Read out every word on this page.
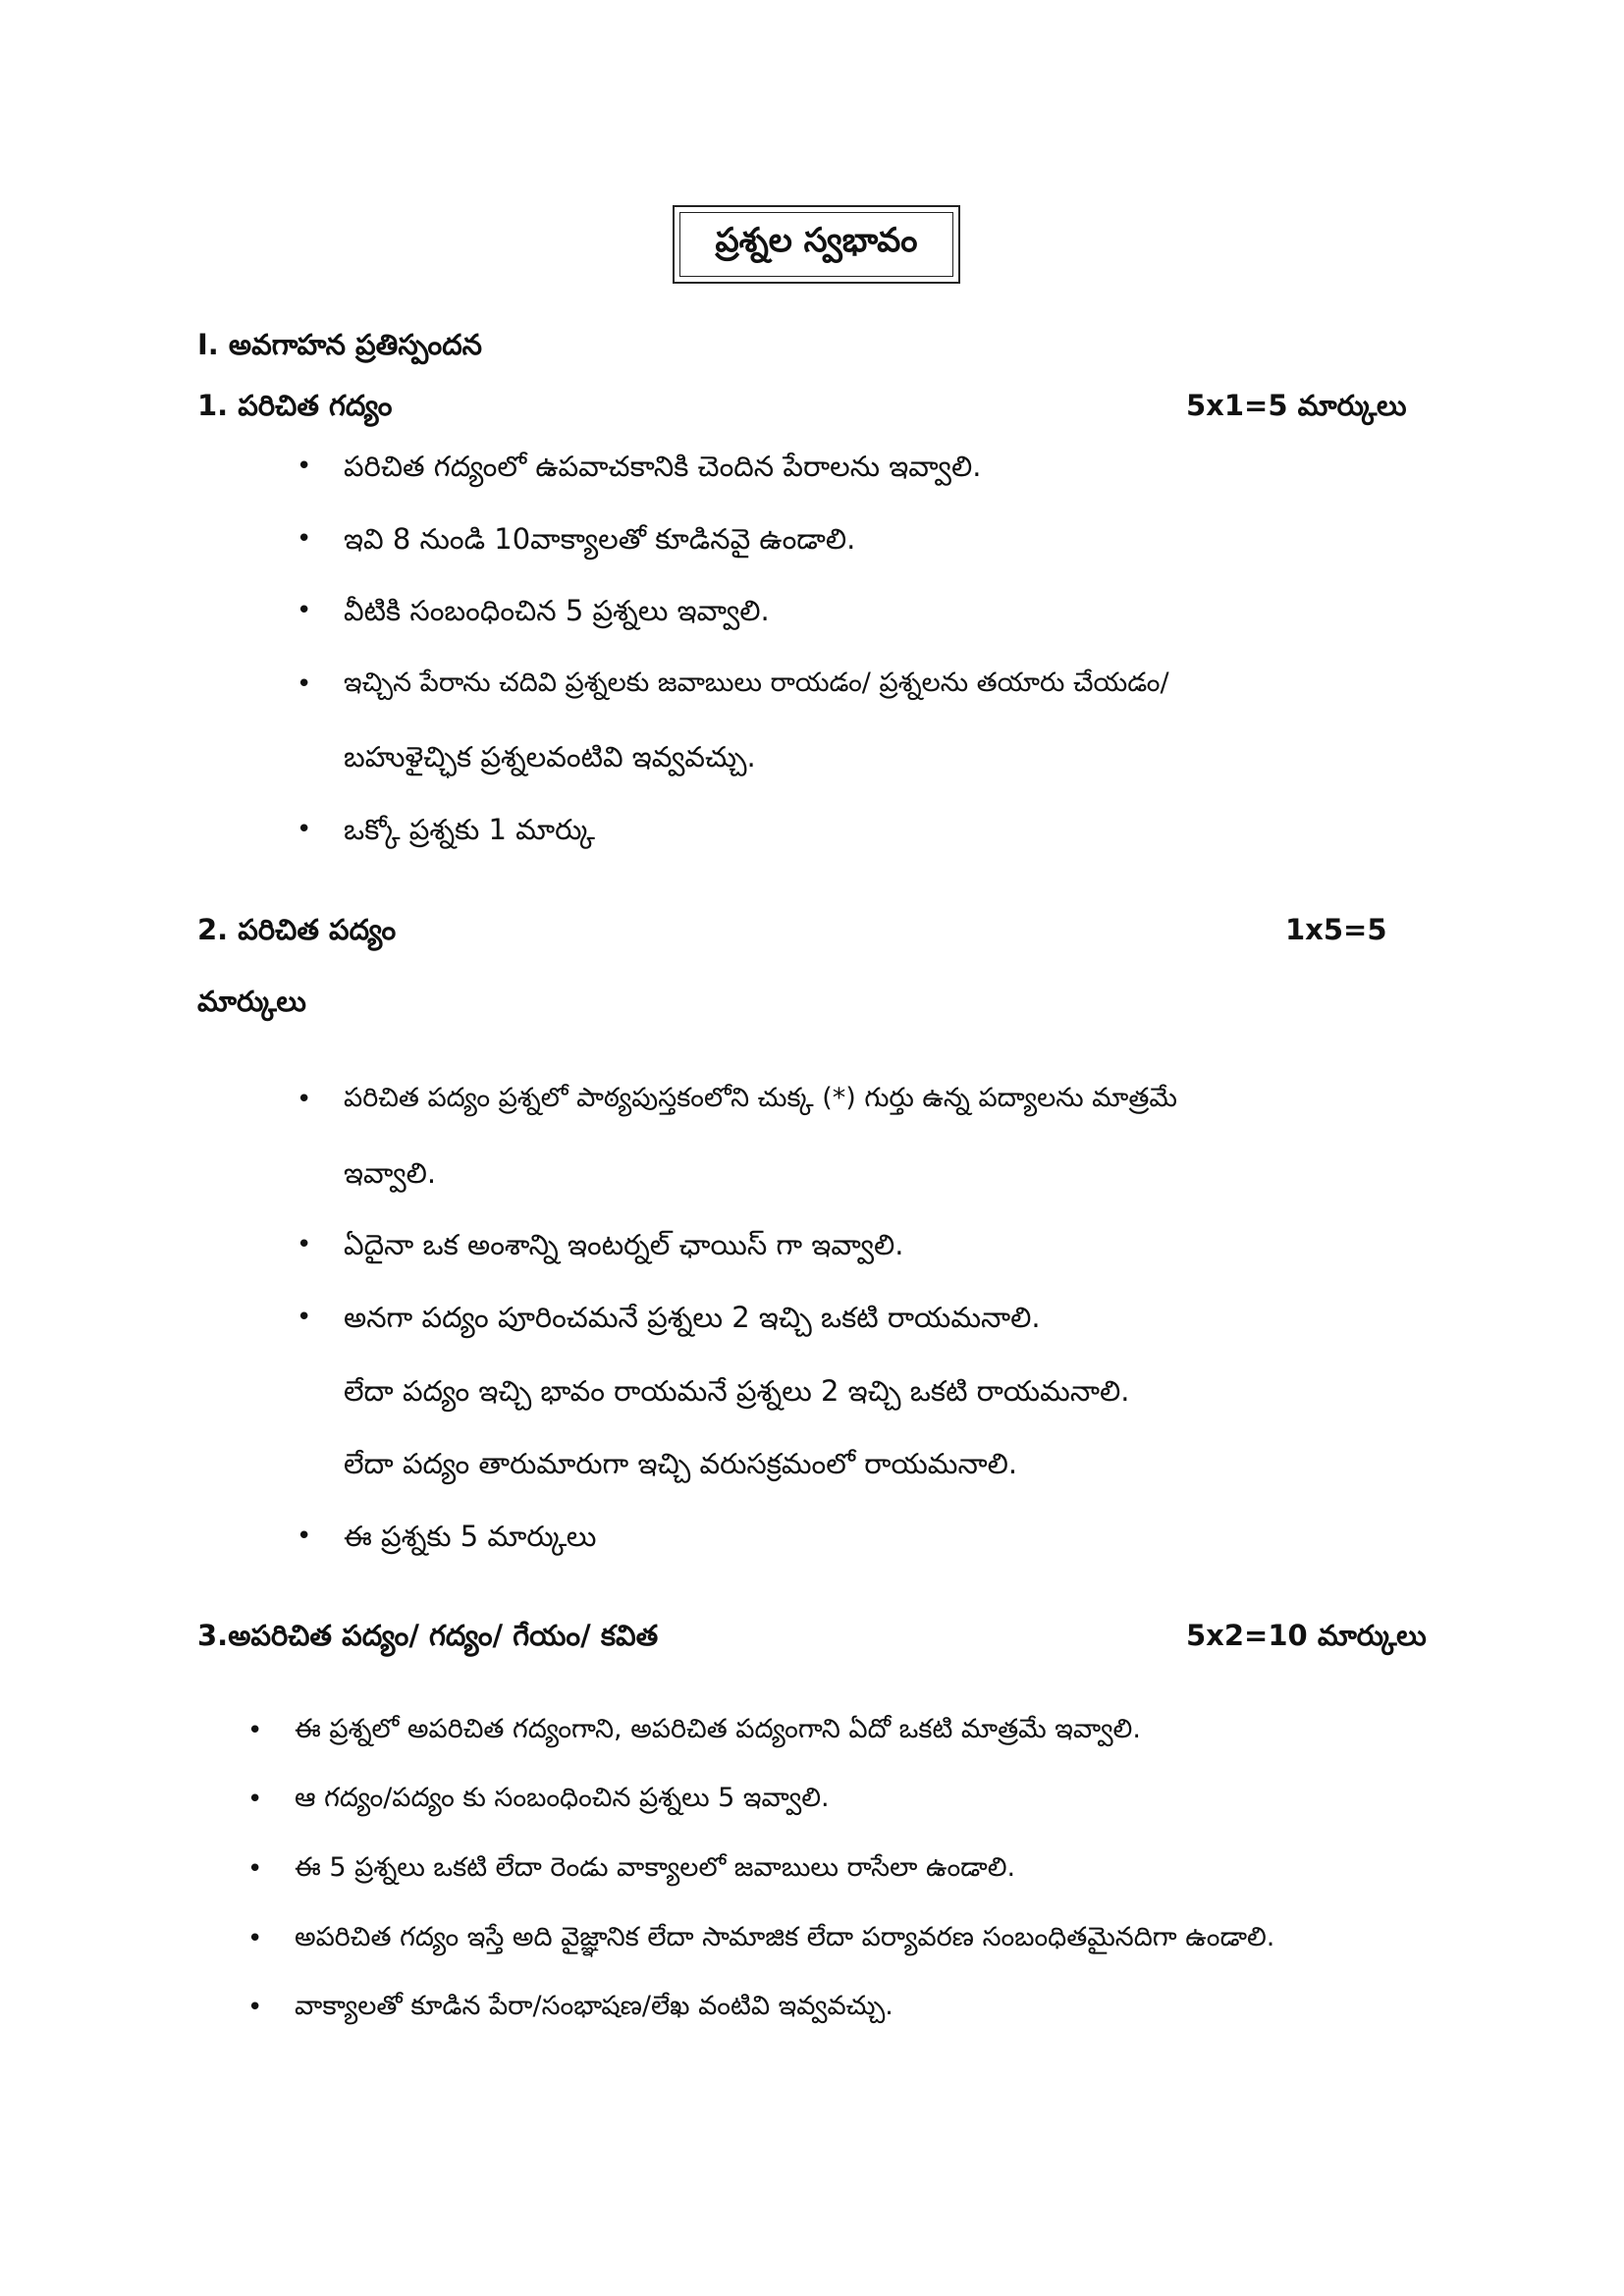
ప్రశ్నల స్వభావం
I. అవగాహన ప్రతిస్పందన
1. పరిచిత గద్యం	5x1=5 మార్కులు
• పరిచిత గద్యంలో ఉపవాచకానికి చెందిన పేరాలను ఇవ్వాలి.
• ఇవి 8 నుండి 10వాక్యాలతో కూడినవై ఉండాలి.
• వీటికి సంబంధించిన 5 ప్రశ్నలు ఇవ్వాలి.
• ఇచ్చిన పేరాను చదివి ప్రశ్నలకు జవాబులు రాయడం/ ప్రశ్నలను తయారు చేయడం/
బహుళైచ్ఛిక ప్రశ్నలవంటివి ఇవ్వవచ్చు.
• ఒక్కో ప్రశ్నకు 1 మార్కు
2. పరిచిత పద్యం	1x5=5
మార్కులు
• పరిచిత పద్యం ప్రశ్నలో పాఠ్యపుస్తకంలోని చుక్క (*) గుర్తు ఉన్న పద్యాలను మాత్రమే
ఇవ్వాలి.
• ఏదైనా ఒక అంశాన్ని ఇంటర్నల్ ఛాయిస్ గా ఇవ్వాలి.
• అనగా పద్యం పూరించమనే ప్రశ్నలు 2 ఇచ్చి ఒకటి రాయమనాలి.
లేదా పద్యం ఇచ్చి భావం రాయమనే ప్రశ్నలు 2 ఇచ్చి ఒకటి రాయమనాలి.
లేదా పద్యం తారుమారుగా ఇచ్చి వరుసక్రమంలో రాయమనాలి.
• ఈ ప్రశ్నకు 5 మార్కులు
3.అపరిచిత పద్యం/ గద్యం/ గేయం/ కవిత	5x2=10 మార్కులు
• ఈ ప్రశ్నలో అపరిచిత గద్యంగాని, అపరిచిత పద్యంగాని ఏదో ఒకటి మాత్రమే ఇవ్వాలి.
• ఆ గద్యం/పద్యం కు సంబంధించిన ప్రశ్నలు 5 ఇవ్వాలి.
• ఈ 5 ప్రశ్నలు ఒకటి లేదా రెండు వాక్యాలలో జవాబులు రాసేలా ఉండాలి.
• అపరిచిత గద్యం ఇస్తే అది వైజ్ఞానిక లేదా సామాజిక లేదా పర్యావరణ సంబంధితమైనదిగా ఉండాలి.
• వాక్యాలతో కూడిన పేరా/సంభాషణ/లేఖ వంటివి ఇవ్వవచ్చు.
